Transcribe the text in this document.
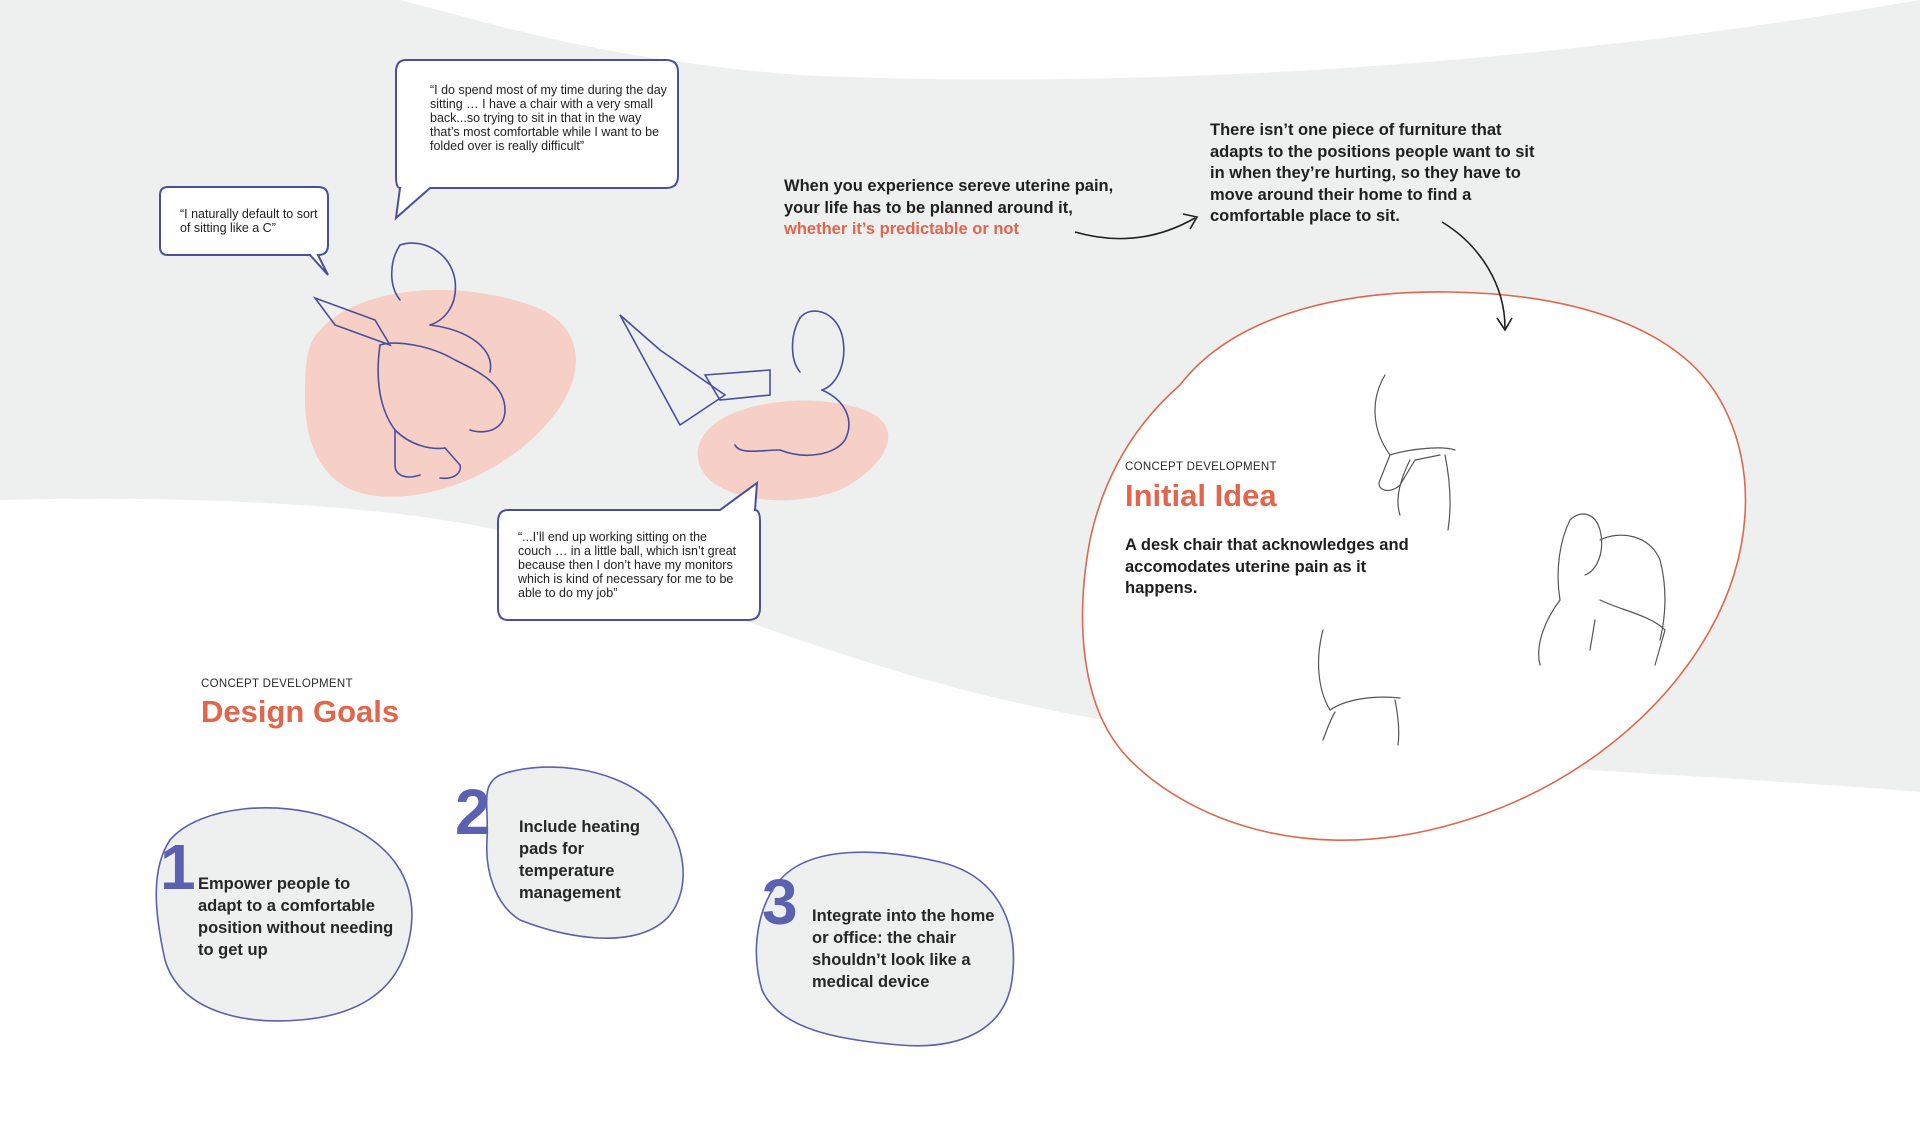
“I naturally default to sort of sitting like a C”
“I do spend most of my time during the day sitting … I have a chair with a very small back...so trying to sit in that in the way that’s most comfortable while I want to be folded over is really difficult”
“...I’ll end up working sitting on the couch … in a little ball, which isn’t great because then I don’t have my monitors which is kind of necessary for me to be able to do my job”
When you experience sereve uterine pain, your life has to be planned around it, whether it’s predictable or not
There isn’t one piece of furniture that adapts to the positions people want to sit in when they’re hurting, so they have to move around their home to find a comfortable place to sit.
CONCEPT DEVELOPMENT
Initial Idea
A desk chair that acknowledges and accomodates uterine pain as it happens.
CONCEPT DEVELOPMENT
Design Goals
1 Empower people to adapt to a comfortable position without needing to get up
2 Include heating pads for temperature management	3 Integrate into the home or office: the chair shouldn’t look like a medical device
